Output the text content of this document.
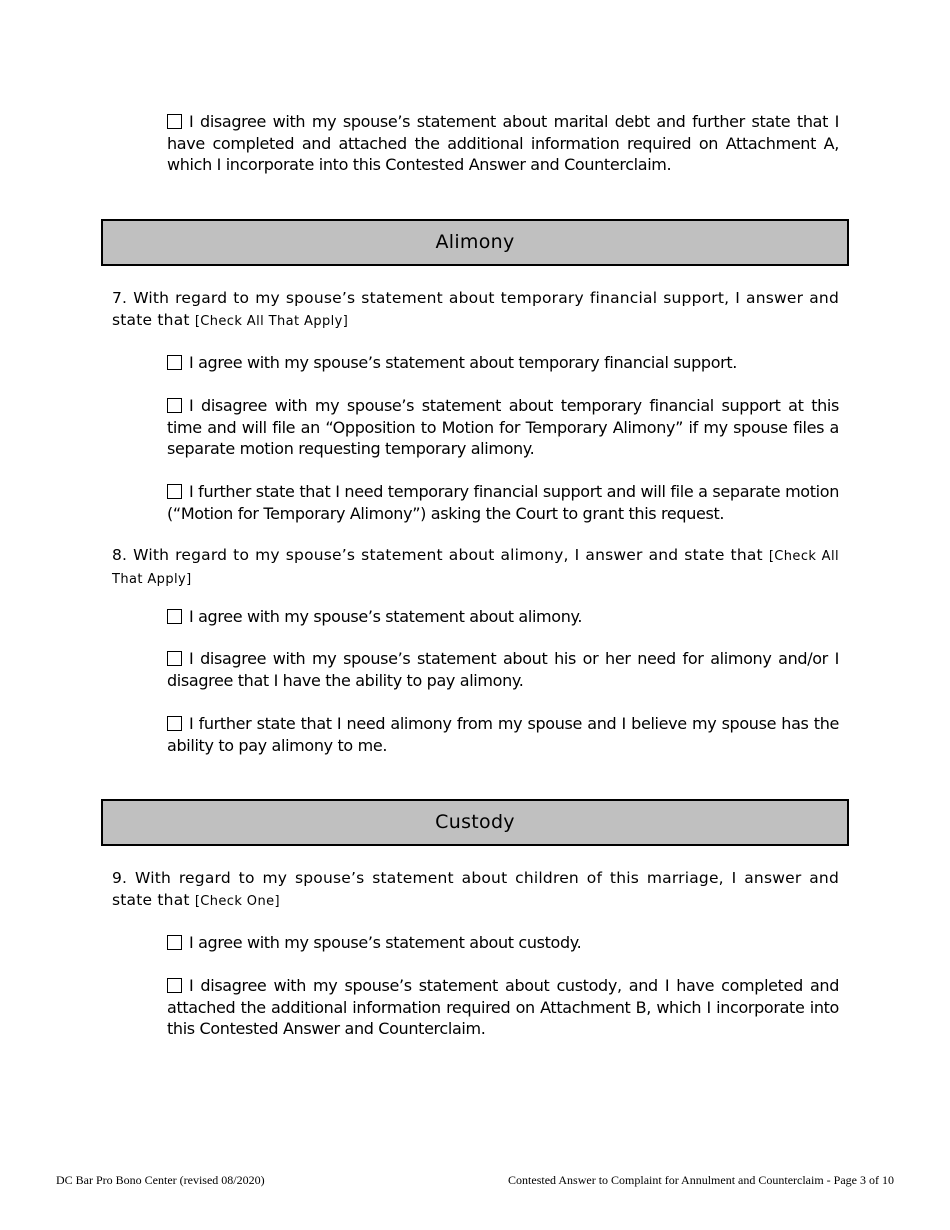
I disagree with my spouse’s statement about marital debt and further state that I have completed and attached the additional information required on Attachment A, which I incorporate into this Contested Answer and Counterclaim.
Alimony
7. With regard to my spouse’s statement about temporary financial support, I answer and state that [Check All That Apply]
I agree with my spouse’s statement about temporary financial support.
I disagree with my spouse’s statement about temporary financial support at this time and will file an “Opposition to Motion for Temporary Alimony” if my spouse files a separate motion requesting temporary alimony.
I further state that I need temporary financial support and will file a separate motion (“Motion for Temporary Alimony”) asking the Court to grant this request.
8. With regard to my spouse’s statement about alimony, I answer and state that [Check All That Apply]
I agree with my spouse’s statement about alimony.
I disagree with my spouse’s statement about his or her need for alimony and/or I disagree that I have the ability to pay alimony.
I further state that I need alimony from my spouse and I believe my spouse has the ability to pay alimony to me.
Custody
9. With regard to my spouse’s statement about children of this marriage, I answer and state that [Check One]
I agree with my spouse’s statement about custody.
I disagree with my spouse’s statement about custody, and I have completed and attached the additional information required on Attachment B, which I incorporate into this Contested Answer and Counterclaim.
DC Bar Pro Bono Center (revised 08/2020)	Contested Answer to Complaint for Annulment and Counterclaim - Page 3 of 10
